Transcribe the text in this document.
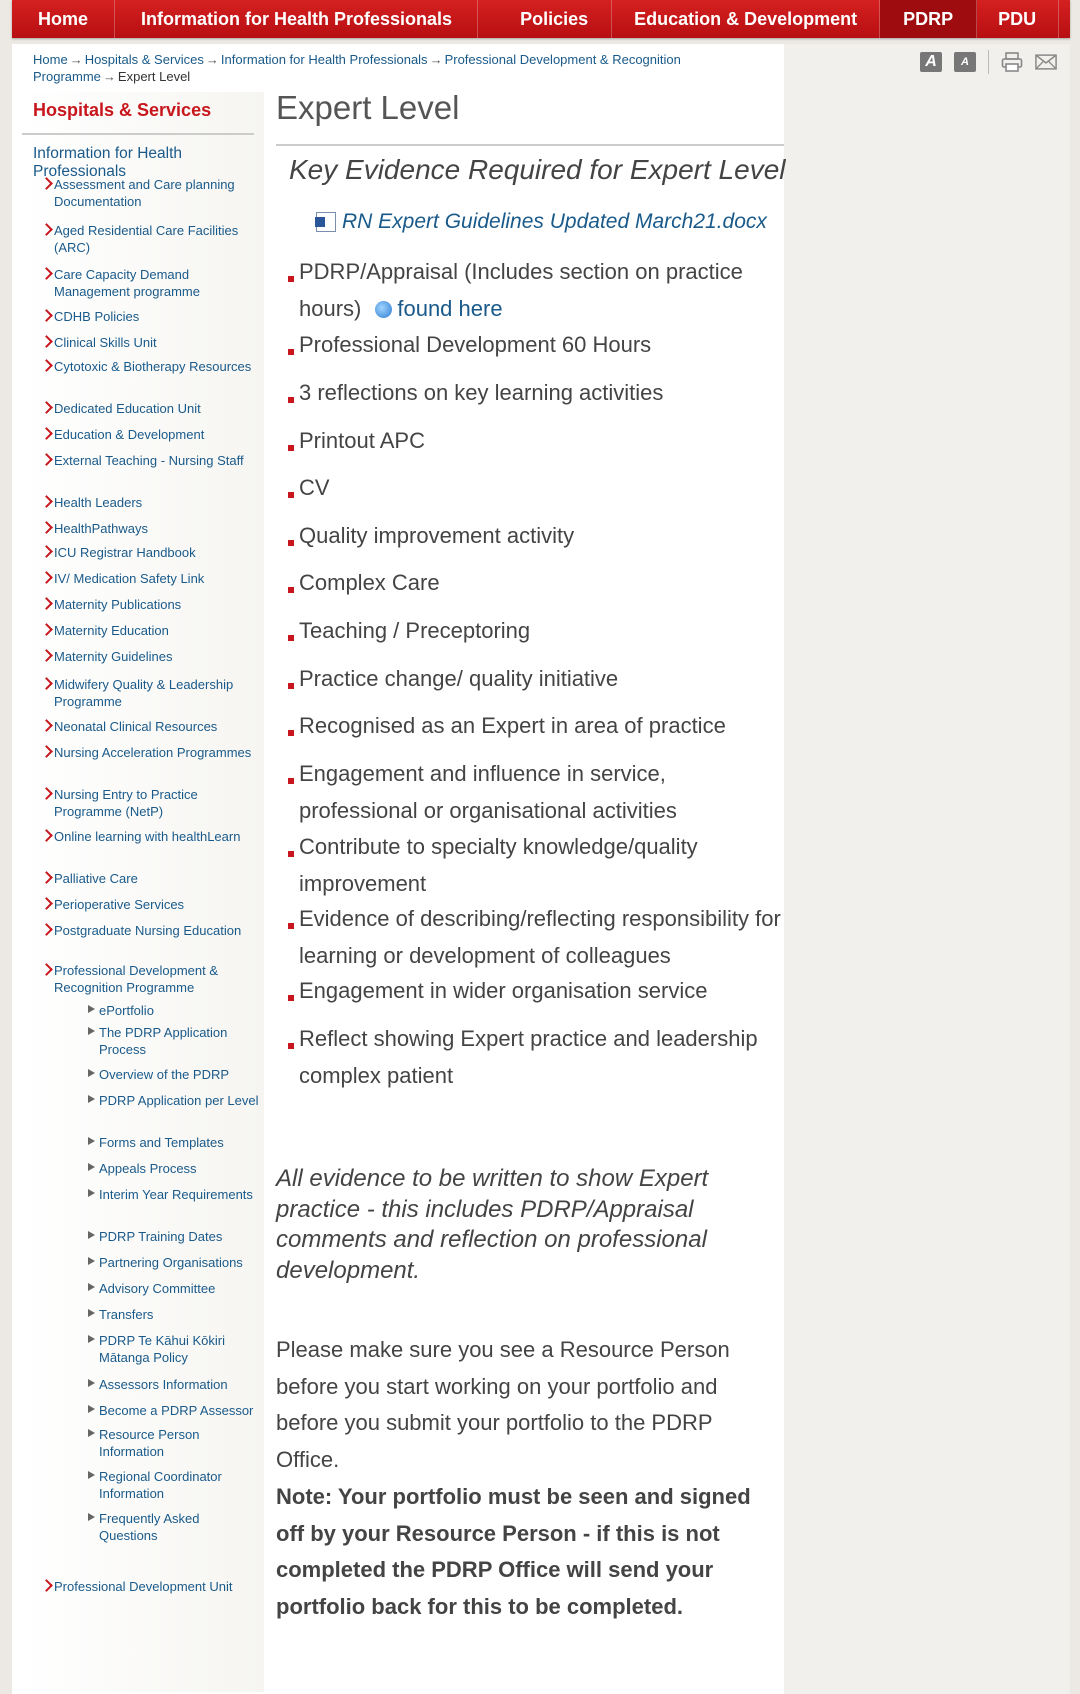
Home	Information for Health Professionals	Policies	Education & Development	PDRP	PDU
A	A
Home → Hospitals & Services → Information for Health Professionals → Professional Development & Recognition Programme → Expert Level
Hospitals & Services
Information for Health Professionals
Assessment and Care planning Documentation
Aged Residential Care Facilities (ARC)
Care Capacity Demand Management programme
CDHB Policies
Clinical Skills Unit
Cytotoxic & Biotherapy Resources
Dedicated Education Unit
Education & Development
External Teaching - Nursing Staff
Health Leaders
HealthPathways
ICU Registrar Handbook
IV/ Medication Safety Link
Maternity Publications
Maternity Education
Maternity Guidelines
Midwifery Quality & Leadership Programme
Neonatal Clinical Resources
Nursing Acceleration Programmes
Nursing Entry to Practice Programme (NetP)
Online learning with healthLearn
Palliative Care
Perioperative Services
Postgraduate Nursing Education
Professional Development & Recognition Programme
ePortfolio
The PDRP Application Process
Overview of the PDRP
PDRP Application per Level
Forms and Templates
Appeals Process
Interim Year Requirements
PDRP Training Dates
Partnering Organisations
Advisory Committee
Transfers
PDRP Te Kāhui Kōkiri Mātanga Policy
Assessors Information
Become a PDRP Assessor
Resource Person Information
Regional Coordinator Information
Frequently Asked Questions
Professional Development Unit
Expert Level
Key Evidence Required for Expert Level
RN Expert Guidelines Updated March21.docx
PDRP/Appraisal (Includes section on practice hours) found here
Professional Development 60 Hours
3 reflections on key learning activities
Printout APC
CV
Quality improvement activity
Complex Care
Teaching / Preceptoring
Practice change/ quality initiative
Recognised as an Expert in area of practice
Engagement and influence in service, professional or organisational activities
Contribute to specialty knowledge/quality improvement
Evidence of describing/reflecting responsibility for learning or development of colleagues
Engagement in wider organisation service
Reflect showing Expert practice and leadership complex patient
All evidence to be written to show Expert practice - this includes PDRP/Appraisal comments and reflection on professional development.
Please make sure you see a Resource Person before you start working on your portfolio and before you submit your portfolio to the PDRP Office.
Note: Your portfolio must be seen and signed off by your Resource Person - if this is not completed the PDRP Office will send your portfolio back for this to be completed.
